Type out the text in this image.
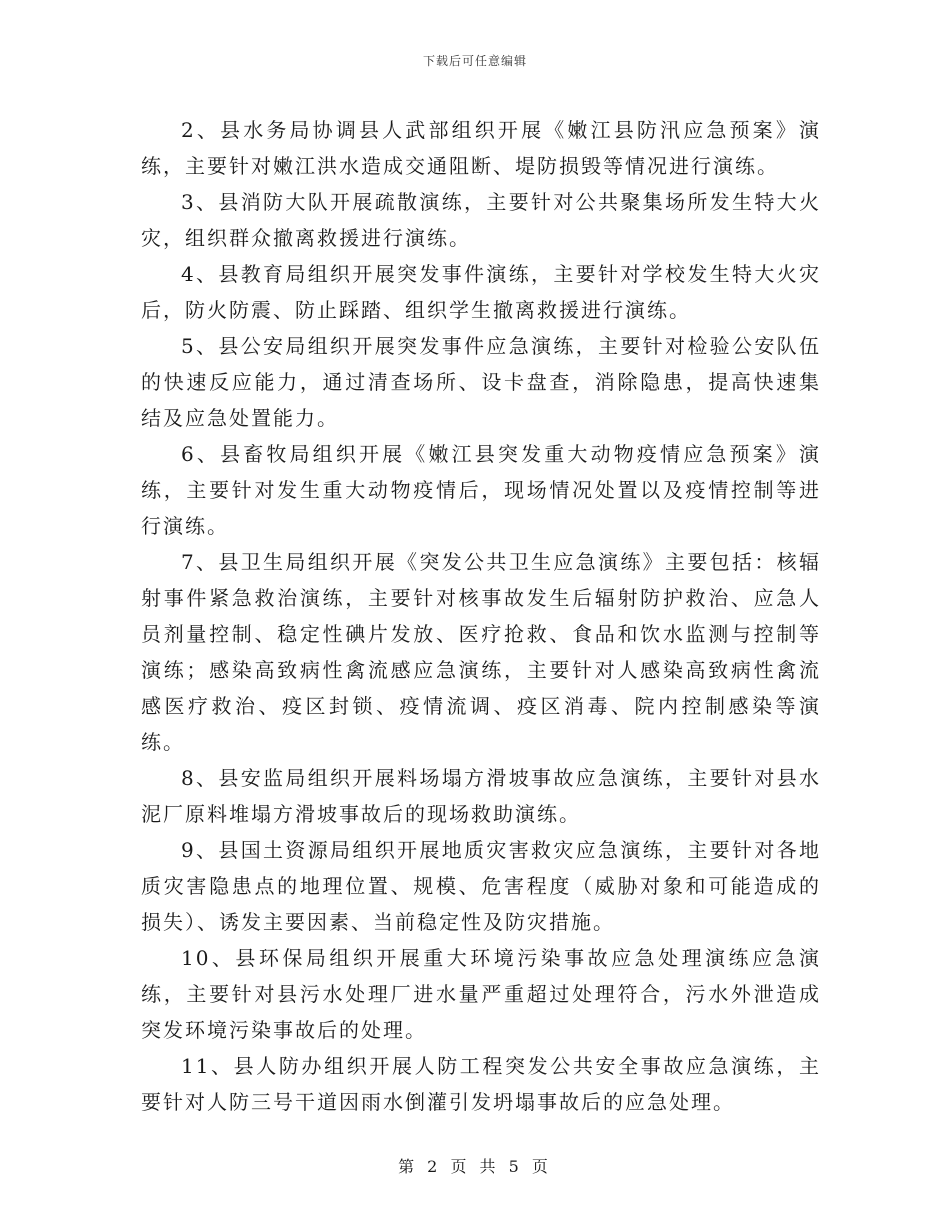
下载后可任意编辑

2、县水务局协调县人武部组织开展《嫩江县防汛应急预案》演练，主要针对嫩江洪水造成交通阻断、堤防损毁等情况进行演练。

3、县消防大队开展疏散演练，主要针对公共聚集场所发生特大火灾，组织群众撤离救援进行演练。

4、县教育局组织开展突发事件演练，主要针对学校发生特大火灾后，防火防震、防止踩踏、组织学生撤离救援进行演练。

5、县公安局组织开展突发事件应急演练，主要针对检验公安队伍的快速反应能力，通过清查场所、设卡盘查，消除隐患，提高快速集结及应急处置能力。

6、县畜牧局组织开展《嫩江县突发重大动物疫情应急预案》演练，主要针对发生重大动物疫情后，现场情况处置以及疫情控制等进行演练。

7、县卫生局组织开展《突发公共卫生应急演练》主要包括：核辐射事件紧急救治演练，主要针对核事故发生后辐射防护救治、应急人员剂量控制、稳定性碘片发放、医疗抢救、食品和饮水监测与控制等演练；感染高致病性禽流感应急演练，主要针对人感染高致病性禽流感医疗救治、疫区封锁、疫情流调、疫区消毒、院内控制感染等演练。

8、县安监局组织开展料场塌方滑坡事故应急演练，主要针对县水泥厂原料堆塌方滑坡事故后的现场救助演练。

9、县国土资源局组织开展地质灾害救灾应急演练，主要针对各地质灾害隐患点的地理位置、规模、危害程度（威胁对象和可能造成的损失）、诱发主要因素、当前稳定性及防灾措施。

10、县环保局组织开展重大环境污染事故应急处理演练应急演练，主要针对县污水处理厂进水量严重超过处理符合，污水外泄造成突发环境污染事故后的处理。

11、县人防办组织开展人防工程突发公共安全事故应急演练，主要针对人防三号干道因雨水倒灌引发坍塌事故后的应急处理。

第 2 页 共 5 页
